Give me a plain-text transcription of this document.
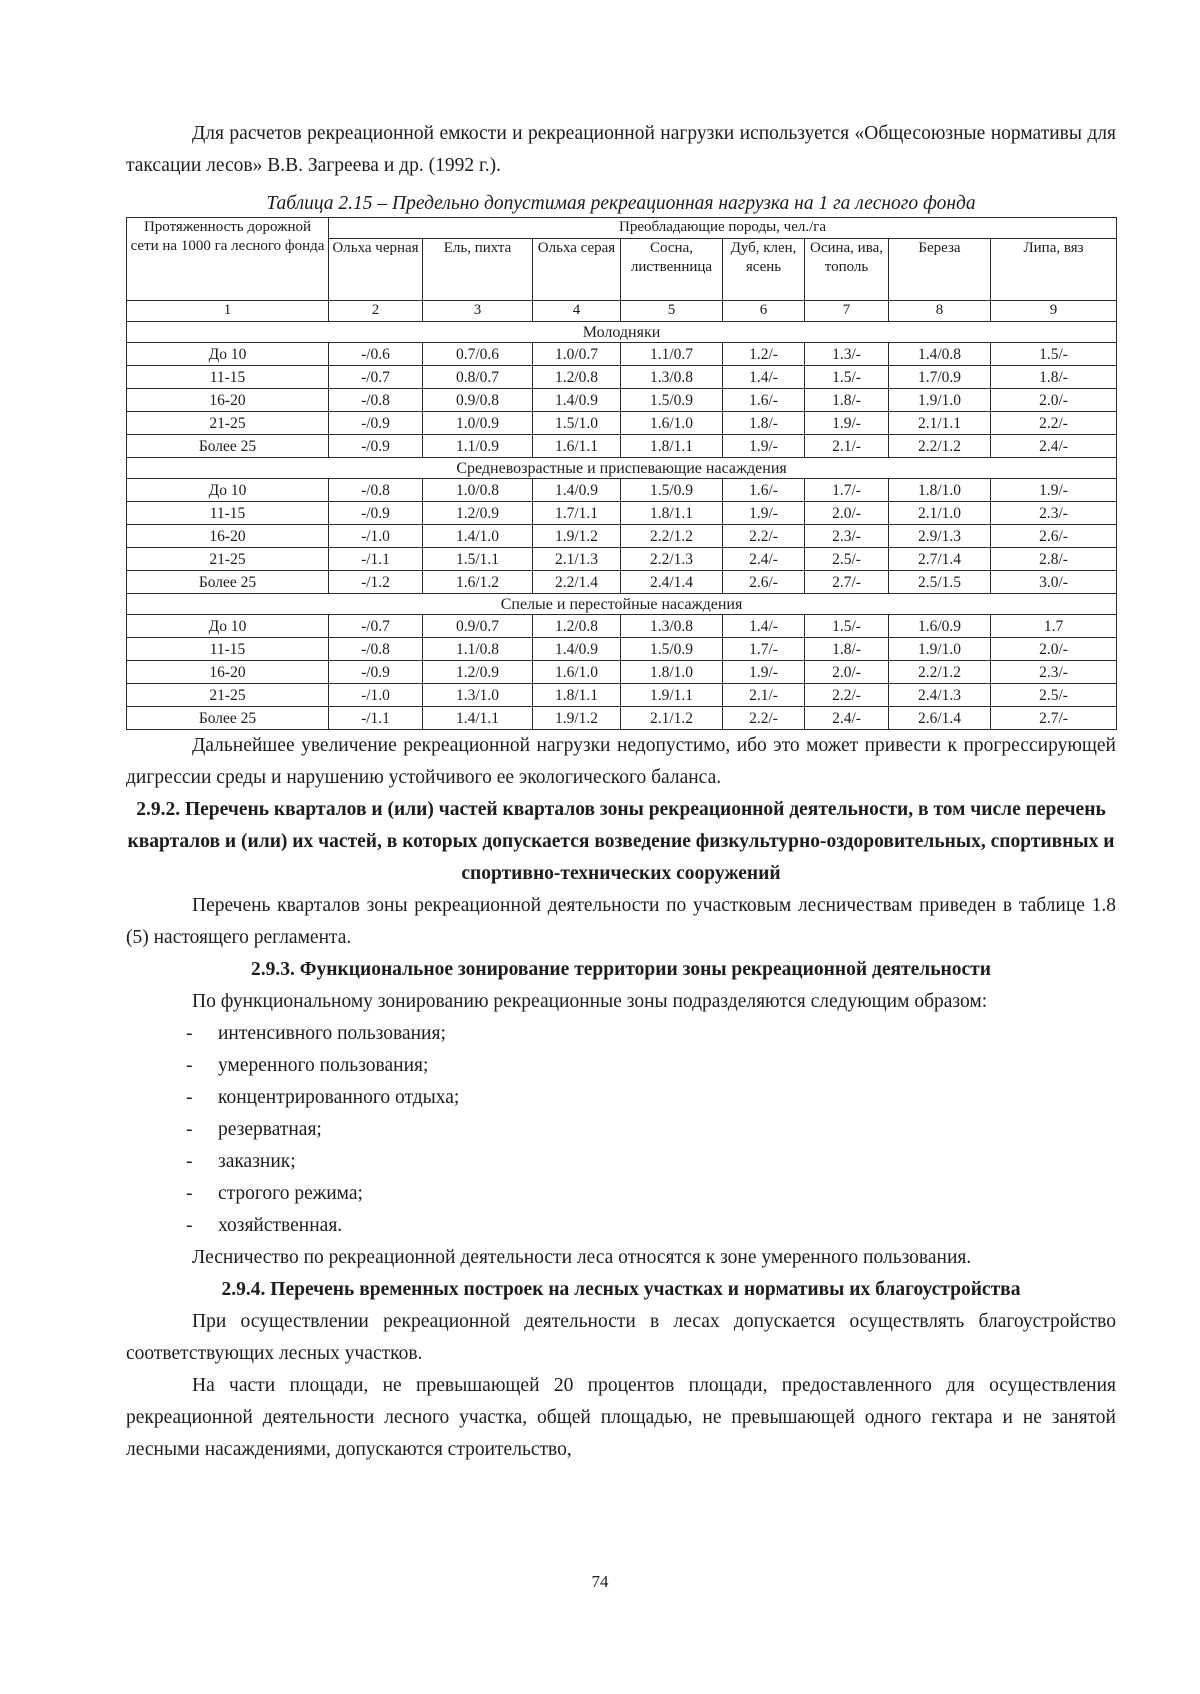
Для расчетов рекреационной емкости и рекреационной нагрузки используется «Общесоюзные нормативы для таксации лесов» В.В. Загреева и др. (1992 г.).

Таблица 2.15 – Предельно допустимая рекреационная нагрузка на 1 га лесного фонда
Протяженность дорожной сети на 1000 га лесного фонда	Преобладающие породы, чел./га							
	Ольха черная	Ель, пихта	Ольха серая	Сосна, лиственница	Дуб, клен, ясень	Осина, ива, тополь	Береза	Липа, вяз
1	2	3	4	5	6	7	8	9
Молодняки								
До 10	-/0.6	0.7/0.6	1.0/0.7	1.1/0.7	1.2/-	1.3/-	1.4/0.8	1.5/-
11-15	-/0.7	0.8/0.7	1.2/0.8	1.3/0.8	1.4/-	1.5/-	1.7/0.9	1.8/-
16-20	-/0.8	0.9/0.8	1.4/0.9	1.5/0.9	1.6/-	1.8/-	1.9/1.0	2.0/-
21-25	-/0.9	1.0/0.9	1.5/1.0	1.6/1.0	1.8/-	1.9/-	2.1/1.1	2.2/-
Более 25	-/0.9	1.1/0.9	1.6/1.1	1.8/1.1	1.9/-	2.1/-	2.2/1.2	2.4/-
Средневозрастные и приспевающие насаждения								
До 10	-/0.8	1.0/0.8	1.4/0.9	1.5/0.9	1.6/-	1.7/-	1.8/1.0	1.9/-
11-15	-/0.9	1.2/0.9	1.7/1.1	1.8/1.1	1.9/-	2.0/-	2.1/1.0	2.3/-
16-20	-/1.0	1.4/1.0	1.9/1.2	2.2/1.2	2.2/-	2.3/-	2.9/1.3	2.6/-
21-25	-/1.1	1.5/1.1	2.1/1.3	2.2/1.3	2.4/-	2.5/-	2.7/1.4	2.8/-
Более 25	-/1.2	1.6/1.2	2.2/1.4	2.4/1.4	2.6/-	2.7/-	2.5/1.5	3.0/-
Спелые и перестойные насаждения								
До 10	-/0.7	0.9/0.7	1.2/0.8	1.3/0.8	1.4/-	1.5/-	1.6/0.9	1.7
11-15	-/0.8	1.1/0.8	1.4/0.9	1.5/0.9	1.7/-	1.8/-	1.9/1.0	2.0/-
16-20	-/0.9	1.2/0.9	1.6/1.0	1.8/1.0	1.9/-	2.0/-	2.2/1.2	2.3/-
21-25	-/1.0	1.3/1.0	1.8/1.1	1.9/1.1	2.1/-	2.2/-	2.4/1.3	2.5/-
Более 25	-/1.1	1.4/1.1	1.9/1.2	2.1/1.2	2.2/-	2.4/-	2.6/1.4	2.7/-

Дальнейшее увеличение рекреационной нагрузки недопустимо, ибо это может привести к прогрессирующей дигрессии среды и нарушению устойчивого ее экологического баланса.

2.9.2. Перечень кварталов и (или) частей кварталов зоны рекреационной деятельности, в том числе перечень кварталов и (или) их частей, в которых допускается возведение физкультурно-оздоровительных, спортивных и спортивно-технических сооружений

Перечень кварталов зоны рекреационной деятельности по участковым лесничествам приведен в таблице 1.8 (5) настоящего регламента.

2.9.3. Функциональное зонирование территории зоны рекреационной деятельности

По функциональному зонированию рекреационные зоны подразделяются следующим образом:

- интенсивного пользования;
- умеренного пользования;
- концентрированного отдыха;
- резерватная;
- заказник;
- строгого режима;
- хозяйственная.

Лесничество по рекреационной деятельности леса относятся к зоне умеренного пользования.

2.9.4. Перечень временных построек на лесных участках и нормативы их благоустройства

При осуществлении рекреационной деятельности в лесах допускается осуществлять благоустройство соответствующих лесных участков.

На части площади, не превышающей 20 процентов площади, предоставленного для осуществления рекреационной деятельности лесного участка, общей площадью, не превышающей одного гектара и не занятой лесными насаждениями, допускаются строительство,

74
